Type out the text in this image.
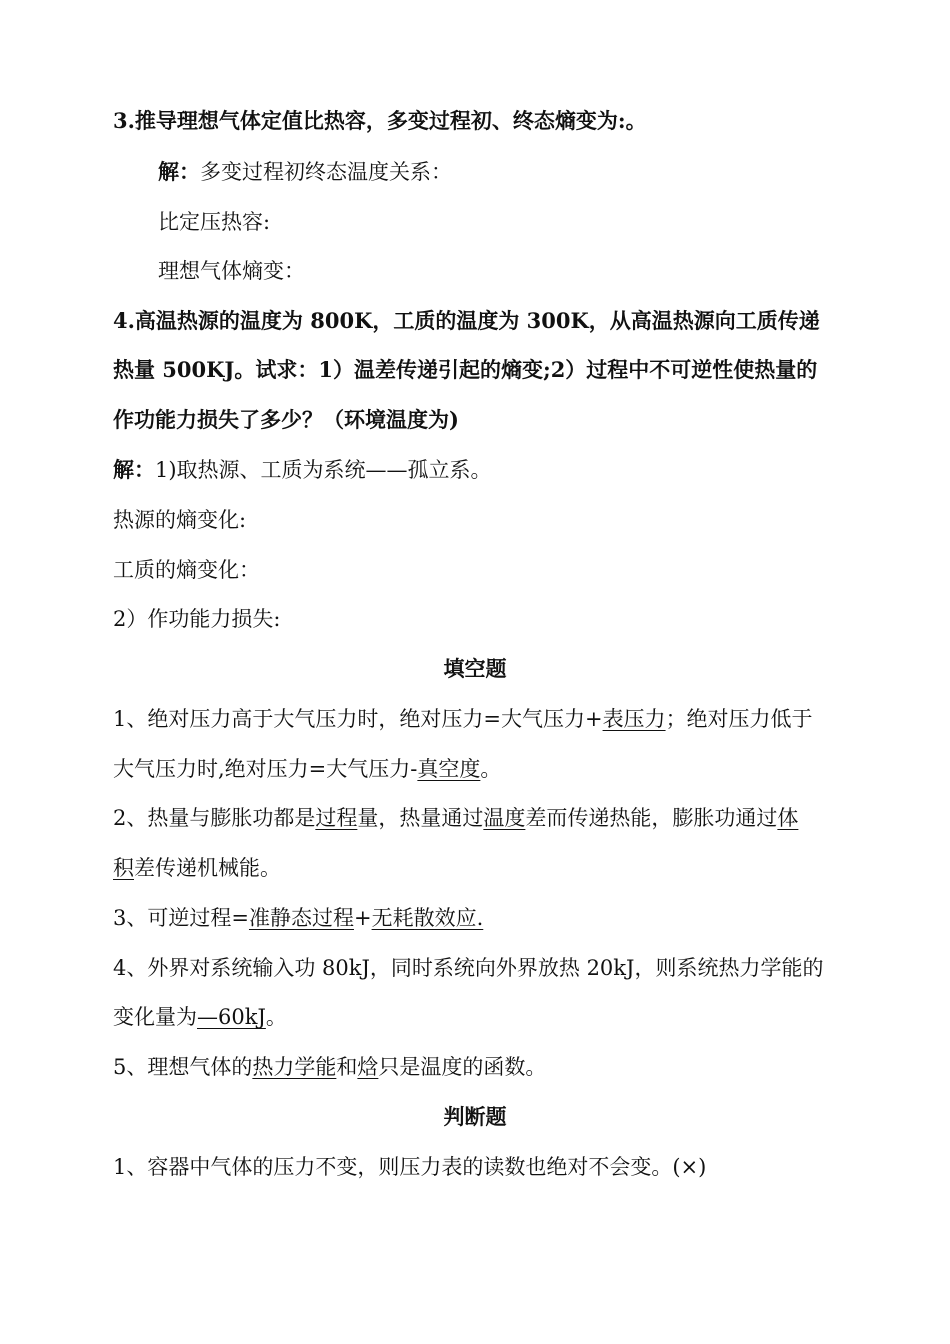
3.推导理想气体定值比热容，多变过程初、终态熵变为:。
解：多变过程初终态温度关系：
比定压热容:
理想气体熵变：
4.高温热源的温度为 800K，工质的温度为 300K，从高温热源向工质传递
热量 500KJ。试求：1）温差传递引起的熵变;2）过程中不可逆性使热量的
作功能力损失了多少？（环境温度为)
解：1)取热源、工质为系统——孤立系。
热源的熵变化:
工质的熵变化：
2）作功能力损失:
填空题
1、绝对压力高于大气压力时，绝对压力=大气压力+表压力；绝对压力低于
大气压力时,绝对压力=大气压力-真空度。
2、热量与膨胀功都是过程量，热量通过温度差而传递热能，膨胀功通过体
积差传递机械能。
3、可逆过程=准静态过程+无耗散效应.
4、外界对系统输入功 80kJ，同时系统向外界放热 20kJ，则系统热力学能的
变化量为—60kJ。
5、理想气体的热力学能和焓只是温度的函数。
判断题
1、容器中气体的压力不变，则压力表的读数也绝对不会变。(×)
